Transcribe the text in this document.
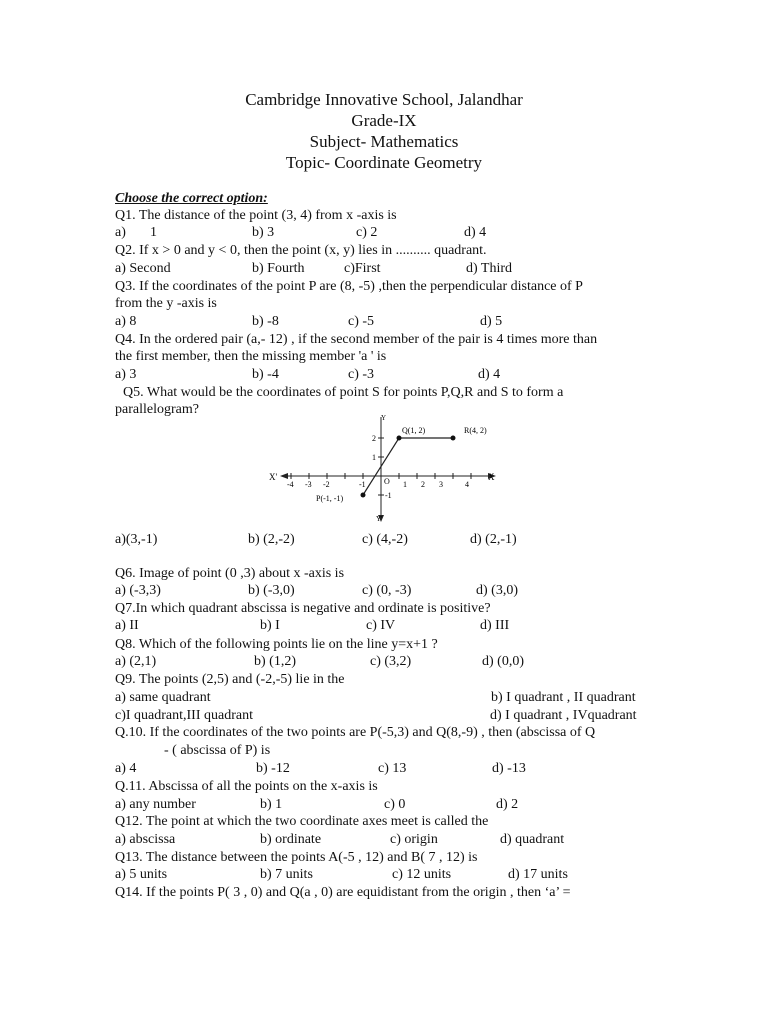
Cambridge Innovative School, Jalandhar
Grade-IX
Subject- Mathematics
Topic- Coordinate Geometry
Choose the correct option:
Q1. The distance of the point (3, 4) from x -axis is
a) 1	b) 3	c) 2	d) 4
Q2. If x > 0 and y < 0, then the point (x, y) lies in .......... quadrant.
a) Second	b) Fourth	c)First	d) Third
Q3. If the coordinates of the point P are (8, -5) ,then the perpendicular distance of P
from the y -axis is
a) 8	b) -8	c) -5	d) 5
Q4. In the ordered pair (a,- 12) , if the second member of the pair is 4 times more than
the first member, then the missing member 'a ' is
a) 3	b) -4	c) -3	d) 4
Q5. What would be the coordinates of point S for points P,Q,R and S to form a
parallelogram?
X
X'
Y
Y'
O
-4 -3 -2	-1	1 2 3	4
1
2
-1
P(-1, -1)
Q(1, 2)	R(4, 2)
a)(3,-1)	b) (2,-2)	c) (4,-2)	d) (2,-1)
Q6. Image of point (0 ,3) about x -axis is
a) (-3,3)	b) (-3,0)	c) (0, -3)	d) (3,0)
Q7.In which quadrant abscissa is negative and ordinate is positive?
a) II	b) I	c) IV	d) III
Q8. Which of the following points lie on the line y=x+1 ?
a) (2,1)	b) (1,2)	c) (3,2)	d) (0,0)
Q9. The points (2,5) and (-2,-5) lie in the
a) same quadrant	b) I quadrant , II quadrant
c)I quadrant,III quadrant	d) I quadrant , IVquadrant
Q.10. If the coordinates of the two points are P(-5,3) and Q(8,-9) , then (abscissa of Q
- ( abscissa of P) is
a) 4	b) -12	c) 13	d) -13
Q.11. Abscissa of all the points on the x-axis is
a) any number	b) 1	c) 0	d) 2
Q12. The point at which the two coordinate axes meet is called the
a) abscissa	b) ordinate	c) origin	d) quadrant
Q13. The distance between the points A(-5 , 12) and B( 7 , 12) is
a) 5 units	b) 7 units	c) 12 units	d) 17 units
Q14. If the points P( 3 , 0) and Q(a , 0) are equidistant from the origin , then ‘a’ =
